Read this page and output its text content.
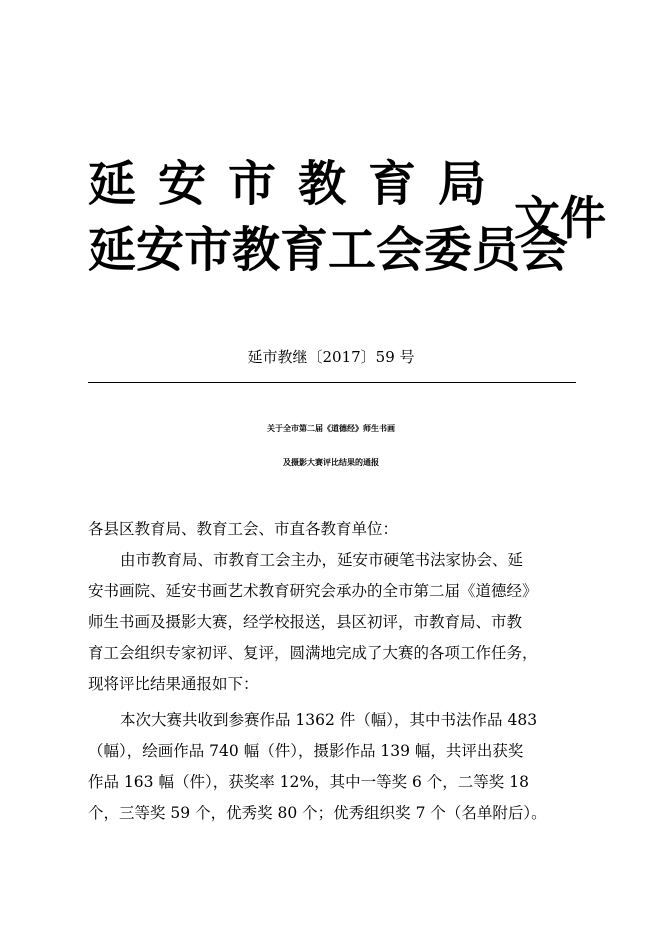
延安市教育局
延安市教育工会委员会
文件
延市教继〔2017〕59 号
关于全市第二届《道德经》师生书画
及摄影大赛评比结果的通报
各县区教育局、教育工会、市直各教育单位：
由市教育局、市教育工会主办，延安市硬笔书法家协会、延
安书画院、延安书画艺术教育研究会承办的全市第二届《道德经》
师生书画及摄影大赛，经学校报送，县区初评，市教育局、市教
育工会组织专家初评、复评，圆满地完成了大赛的各项工作任务，
现将评比结果通报如下：
本次大赛共收到参赛作品 1362 件（幅），其中书法作品 483
（幅），绘画作品 740 幅（件），摄影作品 139 幅，共评出获奖
作品 163 幅（件），获奖率 12%，其中一等奖 6 个，二等奖 18
个，三等奖 59 个，优秀奖 80 个；优秀组织奖 7 个（名单附后）。
